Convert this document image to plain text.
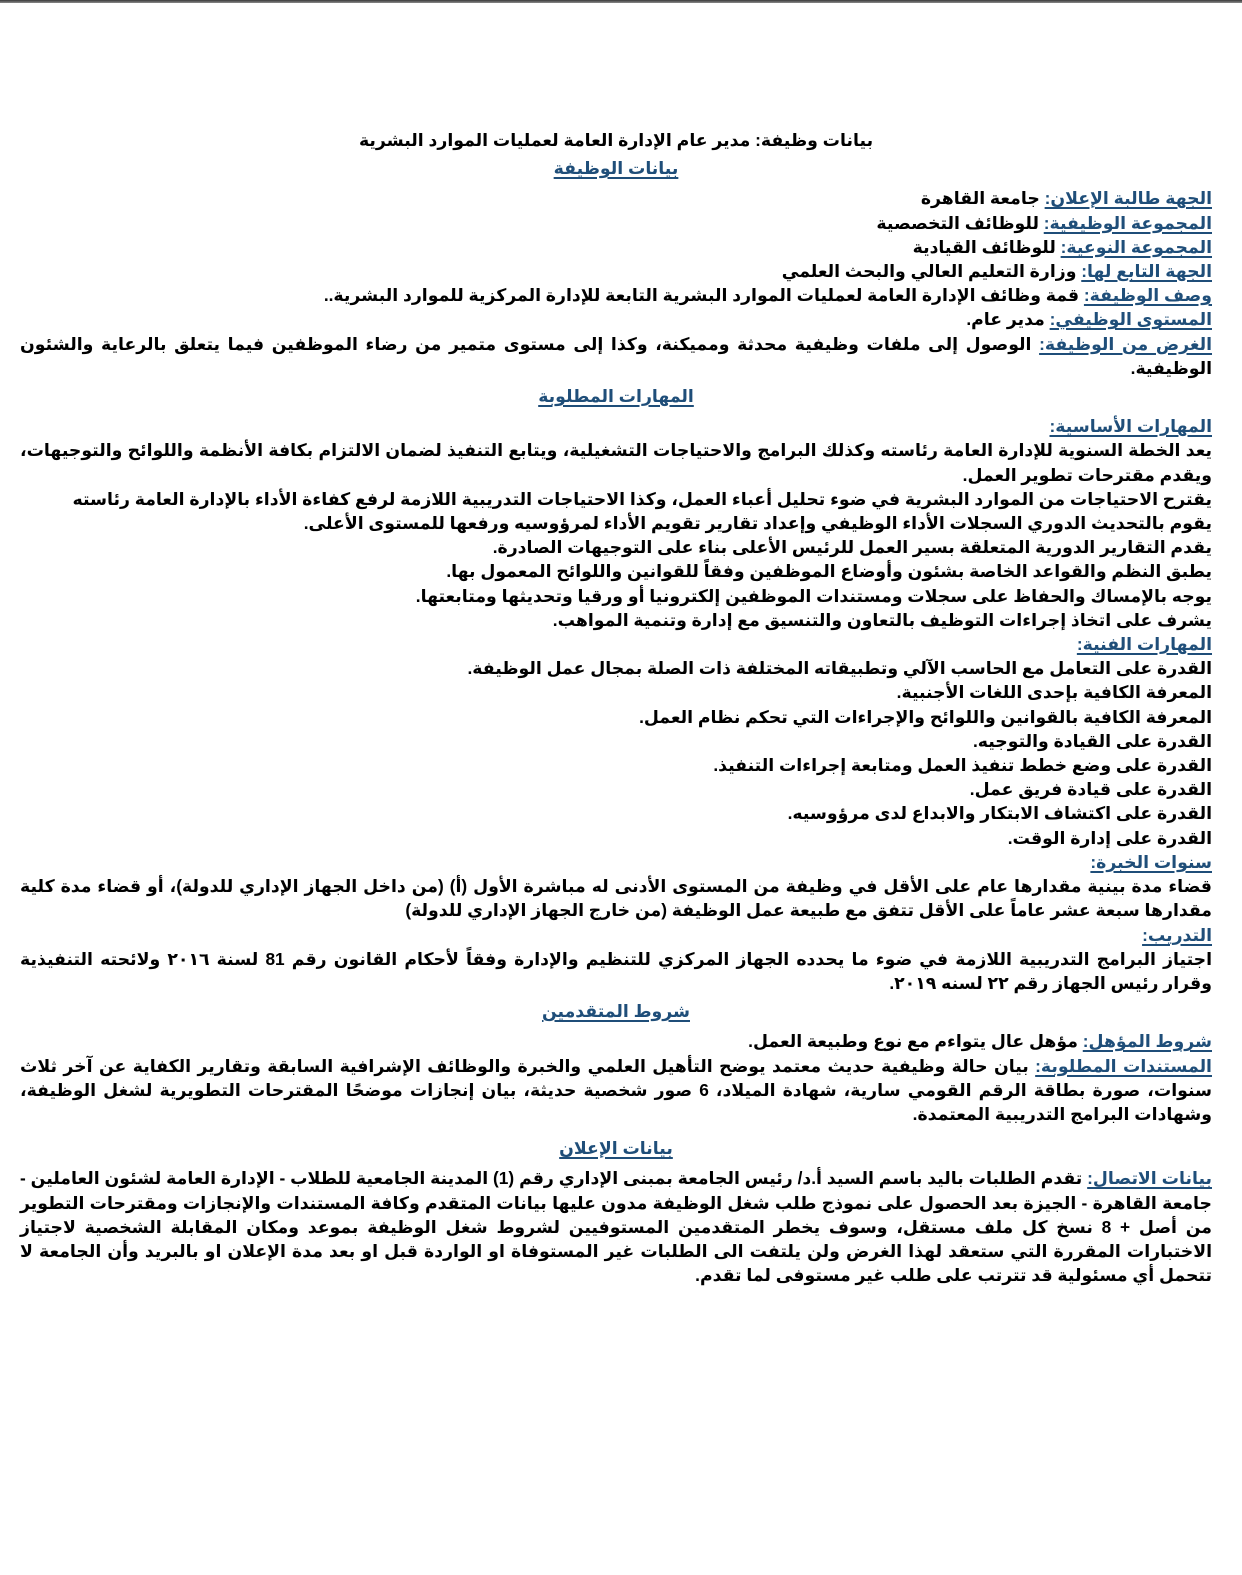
بيانات وظيفة: مدير عام الإدارة العامة لعمليات الموارد البشرية

بيانات الوظيفة

الجهة طالبة الإعلان: جامعة القاهرة

المجموعة الوظيفية: للوظائف التخصصية

المجموعة النوعية: للوظائف القيادية

الجهة التابع لها: وزارة التعليم العالي والبحث العلمي

وصف الوظيفة: قمة وظائف الإدارة العامة لعمليات الموارد البشرية التابعة للإدارة المركزية للموارد البشرية..

المستوى الوظيفي: مدير عام.

الغرض من الوظيفة: الوصول إلى ملفات وظيفية محدثة ومميكنة، وكذا إلى مستوى متمير من رضاء الموظفين فيما يتعلق بالرعاية والشئون الوظيفية.

المهارات المطلوبة

المهارات الأساسية:

يعد الخطة السنوية للإدارة العامة رئاسته وكذلك البرامج والاحتياجات التشغيلية، ويتابع التنفيذ لضمان الالتزام بكافة الأنظمة واللوائح والتوجيهات، ويقدم مقترحات تطوير العمل.

يقترح الاحتياجات من الموارد البشرية في ضوء تحليل أعباء العمل، وكذا الاحتياجات التدريبية اللازمة لرفع كفاءة الأداء بالإدارة العامة رئاسته

يقوم بالتحديث الدوري السجلات الأداء الوظيفي وإعداد تقارير تقويم الأداء لمرؤوسيه ورفعها للمستوى الأعلى.

يقدم التقارير الدورية المتعلقة بسير العمل للرئيس الأعلى بناء على التوجيهات الصادرة.

يطبق النظم والقواعد الخاصة بشئون وأوضاع الموظفين وفقاً للقوانين واللوائح المعمول بها.

يوجه بالإمساك والحفاظ على سجلات ومستندات الموظفين إلكترونيا أو ورقيا وتحديثها ومتابعتها.

يشرف على اتخاذ إجراءات التوظيف بالتعاون والتنسيق مع إدارة وتنمية المواهب.

المهارات الفنية:

القدرة على التعامل مع الحاسب الآلي وتطبيقاته المختلفة ذات الصلة بمجال عمل الوظيفة.

المعرفة الكافية بإحدى اللغات الأجنبية.

المعرفة الكافية بالقوانين واللوائح والإجراءات التي تحكم نظام العمل.

القدرة على القيادة والتوجيه.

القدرة على وضع خطط تنفيذ العمل ومتابعة إجراءات التنفيذ.

القدرة على قيادة فريق عمل.

القدرة على اكتشاف الابتكار والابداع لدى مرؤوسيه.

القدرة على إدارة الوقت.

سنوات الخبرة:

قضاء مدة بينية مقدارها عام على الأقل في وظيفة من المستوى الأدنى له مباشرة الأول (أ) (من داخل الجهاز الإداري للدولة)، أو قضاء مدة كلية مقدارها سبعة عشر عاماً على الأقل تتفق مع طبيعة عمل الوظيفة (من خارج الجهاز الإداري للدولة)

التدريب:

اجتياز البرامج التدريبية اللازمة في ضوء ما يحدده الجهاز المركزي للتنظيم والإدارة وفقاً لأحكام القانون رقم 81 لسنة ٢٠١٦ ولائحته التنفيذية وقرار رئيس الجهاز رقم ٢٢ لسنه ٢٠١٩.

شروط المتقدمين

شروط المؤهل: مؤهل عال يتواءم مع نوع وطبيعة العمل.

المستندات المطلوبة: بيان حالة وظيفية حديث معتمد يوضح التأهيل العلمي والخبرة والوظائف الإشرافية السابقة وتقارير الكفاية عن آخر ثلاث سنوات، صورة بطاقة الرقم القومي سارية، شهادة الميلاد، 6 صور شخصية حديثة، بيان إنجازات موضحًا المقترحات التطويرية لشغل الوظيفة، وشهادات البرامج التدريبية المعتمدة.

بيانات الإعلان

بيانات الاتصال: تقدم الطلبات باليد باسم السيد أ.د/ رئيس الجامعة بمبنى الإداري رقم (1) المدينة الجامعية للطلاب - الإدارة العامة لشئون العاملين - جامعة القاهرة - الجيزة بعد الحصول على نموذج طلب شغل الوظيفة مدون عليها بيانات المتقدم وكافة المستندات والإنجازات ومقترحات التطوير من أصل + 8 نسخ كل ملف مستقل، وسوف يخطر المتقدمين المستوفيين لشروط شغل الوظيفة بموعد ومكان المقابلة الشخصية لاجتياز الاختبارات المقررة التي ستعقد لهذا الغرض ولن يلتفت الى الطلبات غير المستوفاة او الواردة قبل او بعد مدة الإعلان او بالبريد وأن الجامعة لا تتحمل أي مسئولية قد تترتب على طلب غير مستوفى لما تقدم.
